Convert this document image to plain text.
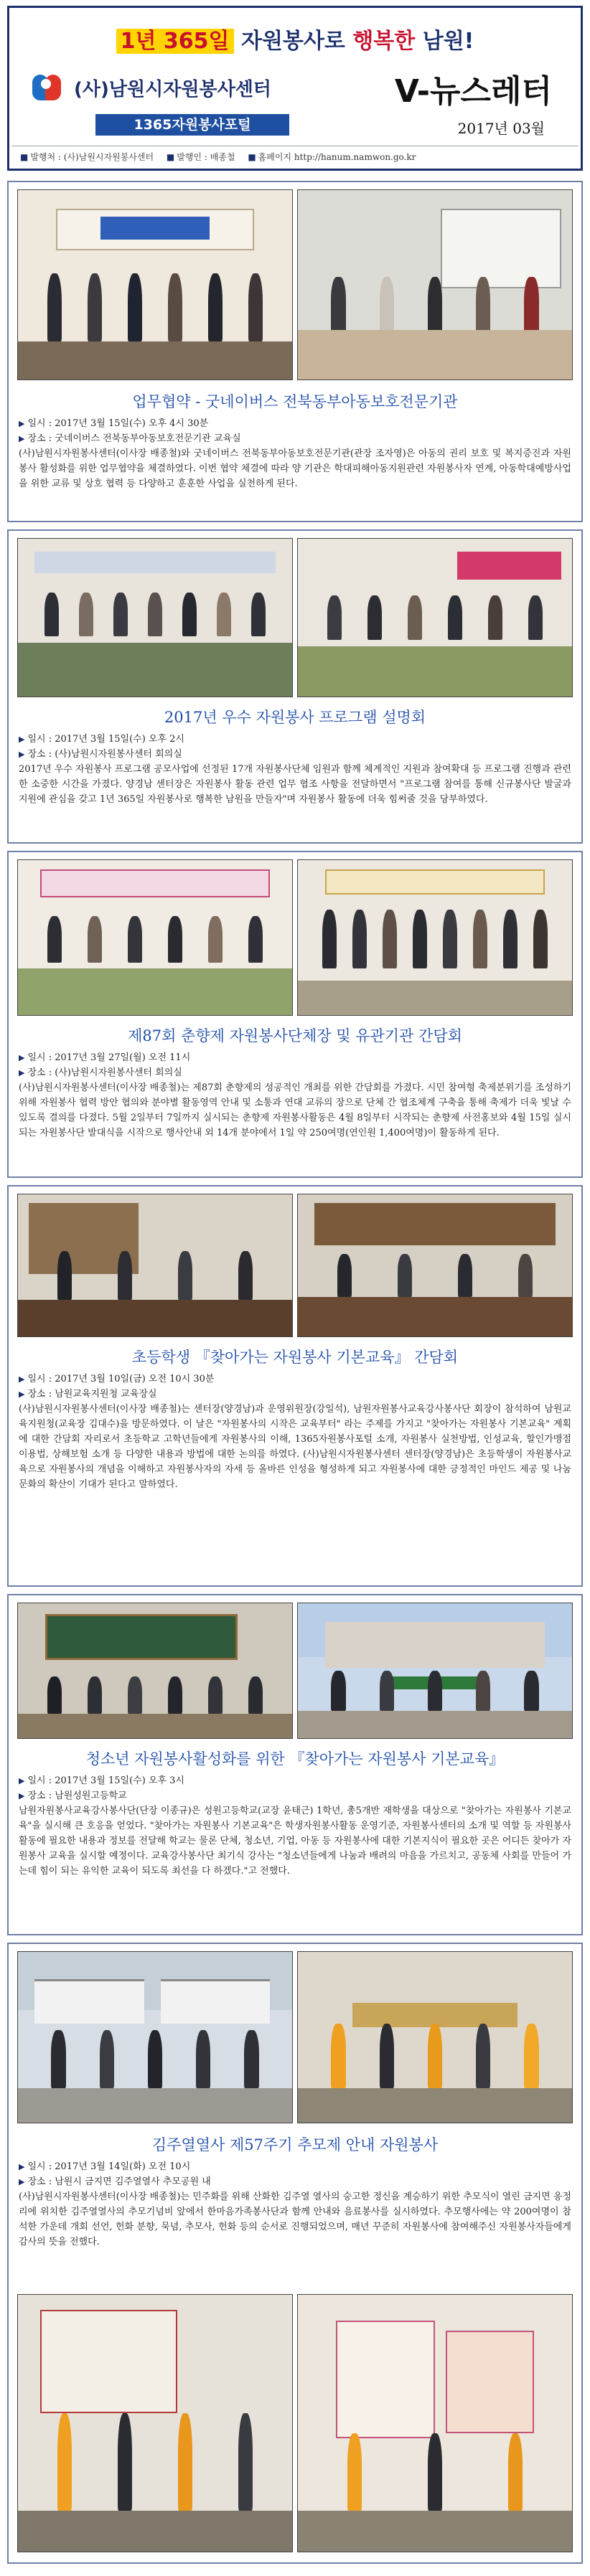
1년 365일 자원봉사로 행복한 남원!
(사)남원시자원봉사센터	V-뉴스레터
1365자원봉사포털	2017년 03월
■ 발행처 : (사)남원시자원봉사센터 ■ 발행인 : 배종철 ■ 홈페이지 http://hanum.namwon.go.kr
업무협약 - 굿네이버스 전북동부아동보호전문기관
▶ 일시 : 2017년 3월 15일(수) 오후 4시 30분
▶ 장소 : 굿네이버스 전북동부아동보호전문기관 교육실

(사)남원시자원봉사센터(이사장 배종철)와 굿네이버스 전북동부아동보호전문기관(관장 조자영)은 아동의 권리 보호 및 복지증진과 자원봉사 활성화를 위한 업무협약을 체결하였다. 이번 협약 체결에 따라 양 기관은 학대피해아동지원관련 자원봉사자 연계, 아동학대예방사업을 위한 교류 및 상호 협력 등 다양하고 훈훈한 사업을 실천하게 된다.

2017년 우수 자원봉사 프로그램 설명회
▶ 일시 : 2017년 3월 15일(수) 오후 2시
▶ 장소 : (사)남원시자원봉사센터 회의실

2017년 우수 자원봉사 프로그램 공모사업에 선정된 17개 자원봉사단체 임원과 함께 체계적인 지원과 참여확대 등 프로그램 진행과 관련한 소중한 시간을 가졌다. 양경남 센터장은 자원봉사 활동 관련 업무 협조 사항을 전달하면서 "프로그램 참여를 통해 신규봉사단 발굴과 지원에 관심을 갖고 1년 365일 자원봉사로 행복한 남원을 만들자"며 자원봉사 활동에 더욱 힘써줄 것을 당부하였다.

제87회 춘향제 자원봉사단체장 및 유관기관 간담회
▶ 일시 : 2017년 3월 27일(월) 오전 11시
▶ 장소 : (사)남원시자원봉사센터 회의실

(사)남원시자원봉사센터(이사장 배종철)는 제87회 춘향제의 성공적인 개최를 위한 간담회를 가졌다. 시민 참여형 축제분위기를 조성하기 위해 자원봉사 협력 방안 협의와 분야별 활동영역 안내 및 소통과 연대 교류의 장으로 단체 간 협조체계 구축을 통해 축제가 더욱 빛날 수 있도록 결의를 다졌다. 5월 2일부터 7일까지 실시되는 춘향제 자원봉사활동은 4월 8일부터 시작되는 춘향제 사전홍보와 4월 15일 실시되는 자원봉사단 발대식을 시작으로 행사안내 외 14개 분야에서 1일 약 250여명(연인원 1,400여명)이 활동하게 된다.

초등학생 『찾아가는 자원봉사 기본교육』 간담회
▶ 일시 : 2017년 3월 10일(금) 오전 10시 30분
▶ 장소 : 남원교육지원청 교육장실

(사)남원시자원봉사센터(이사장 배종철)는 센터장(양경남)과 운영위원장(강일석), 남원자원봉사교육강사봉사단 회장이 참석하여 남원교육지원청(교육장 김대수)을 방문하였다. 이 날은 "자원봉사의 시작은 교육부터" 라는 주제를 가지고 "찾아가는 자원봉사 기본교육" 계획에 대한 간담회 자리로서 초등학교 고학년들에게 자원봉사의 이해, 1365자원봉사포털 소개, 자원봉사 실천방법, 인성교육, 할인가맹점 이용법, 상해보험 소개 등 다양한 내용과 방법에 대한 논의를 하였다. (사)남원시자원봉사센터 센터장(양경남)은 초등학생이 자원봉사교육으로 자원봉사의 개념을 이해하고 자원봉사자의 자세 등 올바른 인성을 형성하게 되고 자원봉사에 대한 긍정적인 마인드 제공 및 나눔 문화의 확산이 기대가 된다고 말하였다.

청소년 자원봉사활성화를 위한 『찾아가는 자원봉사 기본교육』
▶ 일시 : 2017년 3월 15일(수) 오후 3시
▶ 장소 : 남원성원고등학교

남원자원봉사교육강사봉사단(단장 이종규)은 성원고등학교(교장 윤태근) 1학년, 총5개반 재학생을 대상으로 "찾아가는 자원봉사 기본교육"을 실시해 큰 호응을 얻었다. "찾아가는 자원봉사 기본교육"은 학생자원봉사활동 운영기준, 자원봉사센터의 소개 및 역할 등 자원봉사활동에 필요한 내용과 정보를 전달해 학교는 물론 단체, 청소년, 기업, 아동 등 자원봉사에 대한 기본지식이 필요한 곳은 어디든 찾아가 자원봉사 교육을 실시할 예정이다. 교육강사봉사단 최기식 강사는 "청소년들에게 나눔과 배려의 마음을 가르치고, 공동체 사회를 만들어 가는데 힘이 되는 유익한 교육이 되도록 최선을 다 하겠다."고 전했다.

김주열열사 제57주기 추모제 안내 자원봉사
▶ 일시 : 2017년 3월 14일(화) 오전 10시
▶ 장소 : 남원시 금지면 김주열열사 추모공원 내

(사)남원시자원봉사센터(이사장 배종철)는 민주화를 위해 산화한 김주열 열사의 숭고한 정신을 계승하기 위한 추모식이 열린 금지면 옹정리에 위치한 김주열열사의 추모기념비 앞에서 한마음가족봉사단과 함께 안내와 음료봉사를 실시하였다. 추모행사에는 약 200여명이 참석한 가운데 개회 선언, 헌화 분향, 묵념, 추모사, 헌화 등의 순서로 진행되었으며, 매년 꾸준히 자원봉사에 참여해주신 자원봉사자들에게 감사의 뜻을 전했다.
